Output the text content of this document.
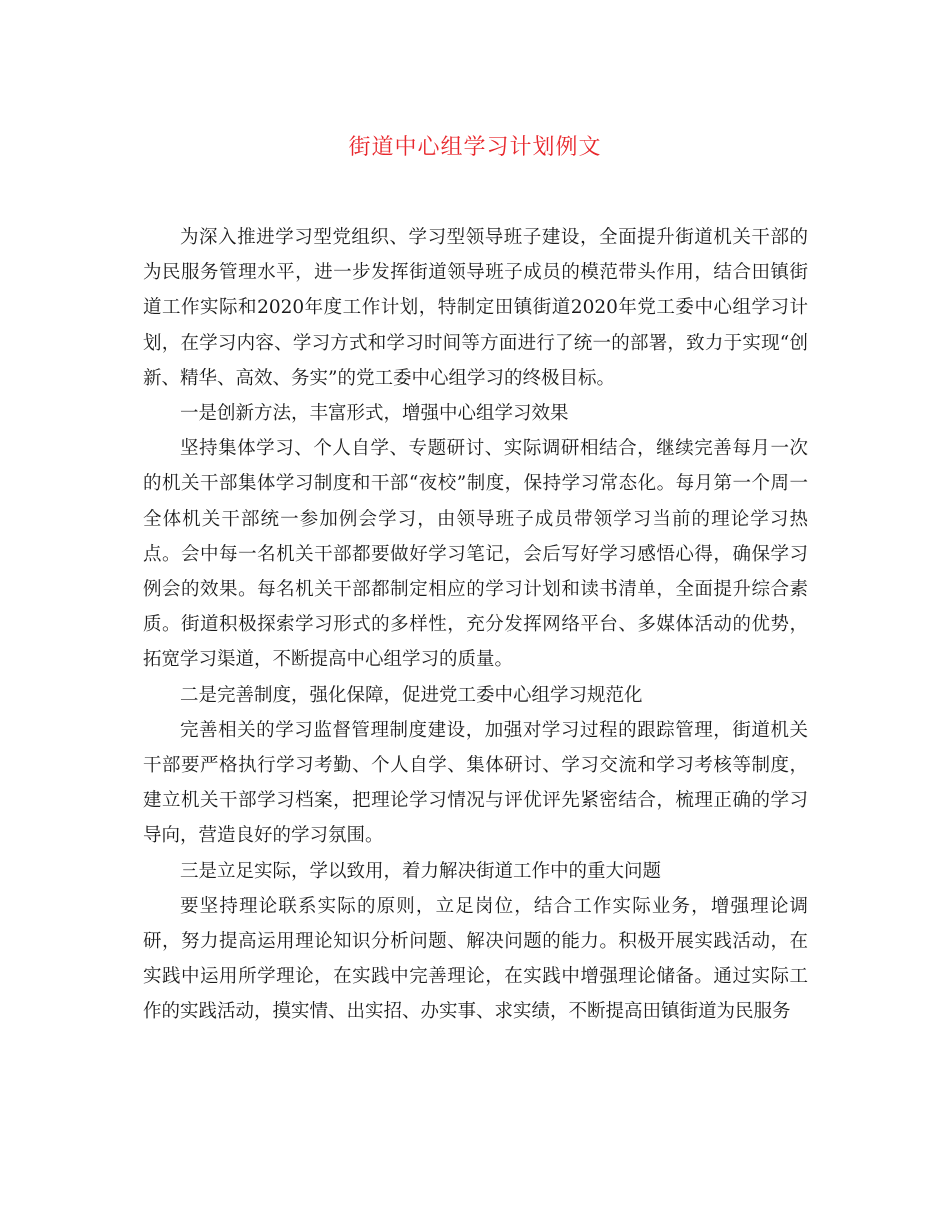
街道中心组学习计划例文

为深入推进学习型党组织、学习型领导班子建设，全面提升街道机关干部的为民服务管理水平，进一步发挥街道领导班子成员的模范带头作用，结合田镇街道工作实际和2020年度工作计划，特制定田镇街道2020年党工委中心组学习计划，在学习内容、学习方式和学习时间等方面进行了统一的部署，致力于实现“创新、精华、高效、务实”的党工委中心组学习的终极目标。

一是创新方法，丰富形式，增强中心组学习效果

坚持集体学习、个人自学、专题研讨、实际调研相结合，继续完善每月一次的机关干部集体学习制度和干部“夜校”制度，保持学习常态化。每月第一个周一全体机关干部统一参加例会学习，由领导班子成员带领学习当前的理论学习热点。会中每一名机关干部都要做好学习笔记，会后写好学习感悟心得，确保学习例会的效果。每名机关干部都制定相应的学习计划和读书清单，全面提升综合素质。街道积极探索学习形式的多样性，充分发挥网络平台、多媒体活动的优势，拓宽学习渠道，不断提高中心组学习的质量。

二是完善制度，强化保障，促进党工委中心组学习规范化

完善相关的学习监督管理制度建设，加强对学习过程的跟踪管理，街道机关干部要严格执行学习考勤、个人自学、集体研讨、学习交流和学习考核等制度，建立机关干部学习档案，把理论学习情况与评优评先紧密结合，梳理正确的学习导向，营造良好的学习氛围。

三是立足实际，学以致用，着力解决街道工作中的重大问题

要坚持理论联系实际的原则，立足岗位，结合工作实际业务，增强理论调研，努力提高运用理论知识分析问题、解决问题的能力。积极开展实践活动，在实践中运用所学理论，在实践中完善理论，在实践中增强理论储备。通过实际工作的实践活动，摸实情、出实招、办实事、求实绩，不断提高田镇街道为民服务
